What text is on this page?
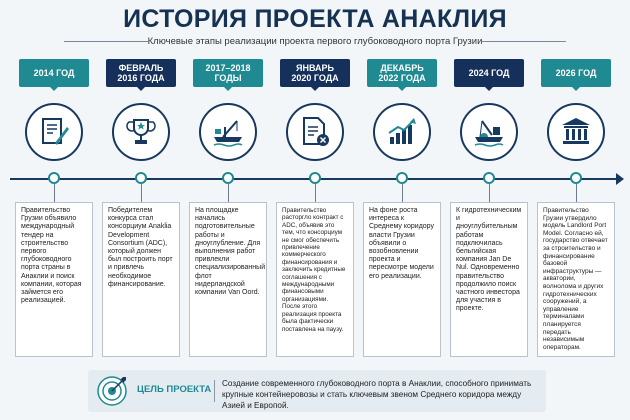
ИСТОРИЯ ПРОЕКТА АНАКЛИЯ
Ключевые этапы реализации проекта первого глубоководного порта Грузии
2014 ГОД	ФЕВРАЛЬ 2016 ГОДА
2017–2018 ГОДЫ
ЯНВАРЬ 2020 ГОДА
ДЕКАБРЬ 2022 ГОДА	2024 ГОД	2026 ГОД
Правительство Грузии объявило международный тендер на строительство первого глубоководного порта страны в Анаклии и поиск компании, которая займется его реализацией.
Победителем конкурса стал консорциум Anaklia Development Consortium (ADC), который должен был построить порт и привлечь необходимое финансирование.
На площадке начались подготовительные работы и дноуглубление. Для выполнения работ привлекли специализированный флот нидерландской компании Van Oord.
Правительство расторгло контракт с ADC, объявив это тем, что консорциум не смог обеспечить привлечение коммерческого финансирования и заключить кредитные соглашения с международными финансовыми организациями. После этого реализация проекта была фактически поставлена на паузу.
На фоне роста интереса к Среднему коридору власти Грузии объявили о возобновлении проекта и пересмотре модели его реализации.
К гидротехническим и дноуглубительным работам подключилась бельгийская компания Jan De Nul. Одновременно правительство продолжило поиск частного инвестора для участия в проекте.
Правительство Грузии утвердило модель Landlord Port Model. Согласно ей, государство отвечает за строительство и финансирование базовой инфраструктуры — акватории, волнолома и других гидротехнических сооружений, а управление терминалами планируется передать независимым операторам.
ЦЕЛЬ ПРОЕКТА
Создание современного глубоководного порта в Анаклии, способного принимать крупные контейнеровозы и стать ключевым звеном Среднего коридора между Азией и Европой.
